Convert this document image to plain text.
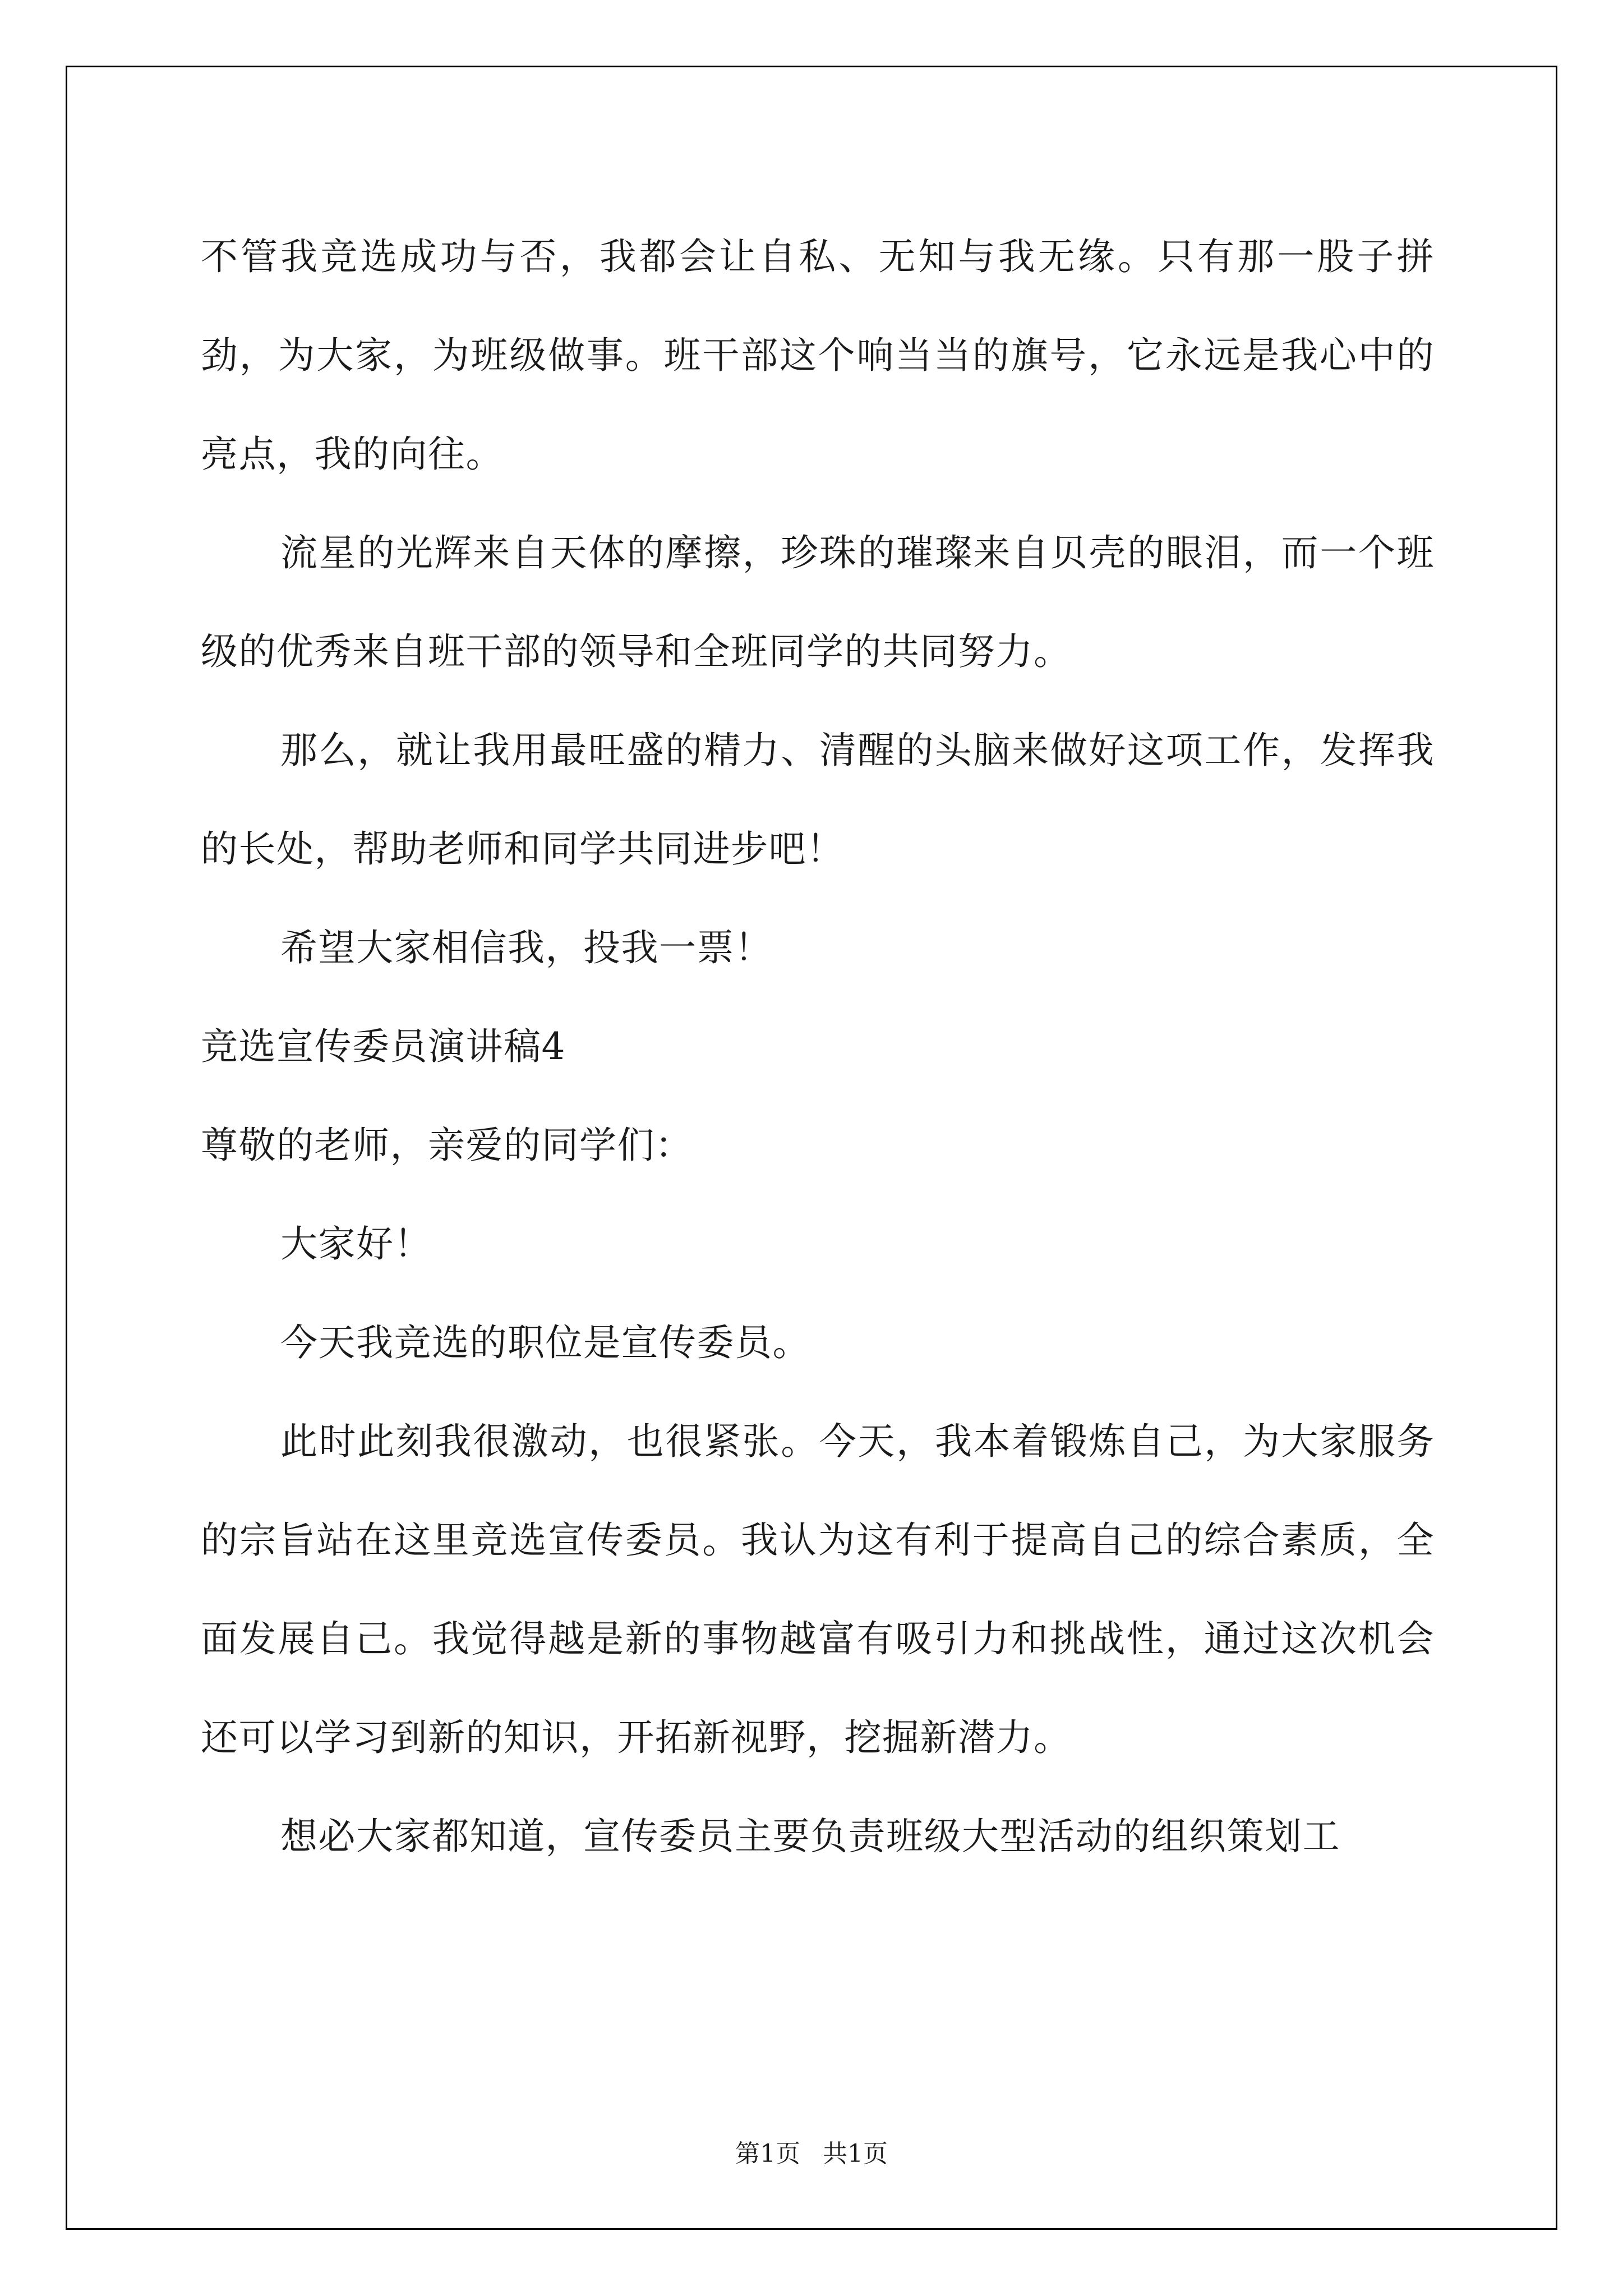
不管我竞选成功与否，我都会让自私、无知与我无缘。只有那一股子拼劲，为大家，为班级做事。班干部这个响当当的旗号，它永远是我心中的亮点，我的向往。

流星的光辉来自天体的摩擦，珍珠的璀璨来自贝壳的眼泪，而一个班级的优秀来自班干部的领导和全班同学的共同努力。

那么，就让我用最旺盛的精力、清醒的头脑来做好这项工作，发挥我的长处，帮助老师和同学共同进步吧！

希望大家相信我，投我一票！

竞选宣传委员演讲稿4

尊敬的老师，亲爱的同学们：

大家好！

今天我竞选的职位是宣传委员。

此时此刻我很激动，也很紧张。今天，我本着锻炼自己，为大家服务的宗旨站在这里竞选宣传委员。我认为这有利于提高自己的综合素质，全面发展自己。我觉得越是新的事物越富有吸引力和挑战性，通过这次机会还可以学习到新的知识，开拓新视野，挖掘新潜力。

想必大家都知道，宣传委员主要负责班级大型活动的组织策划工

第1页 共1页
